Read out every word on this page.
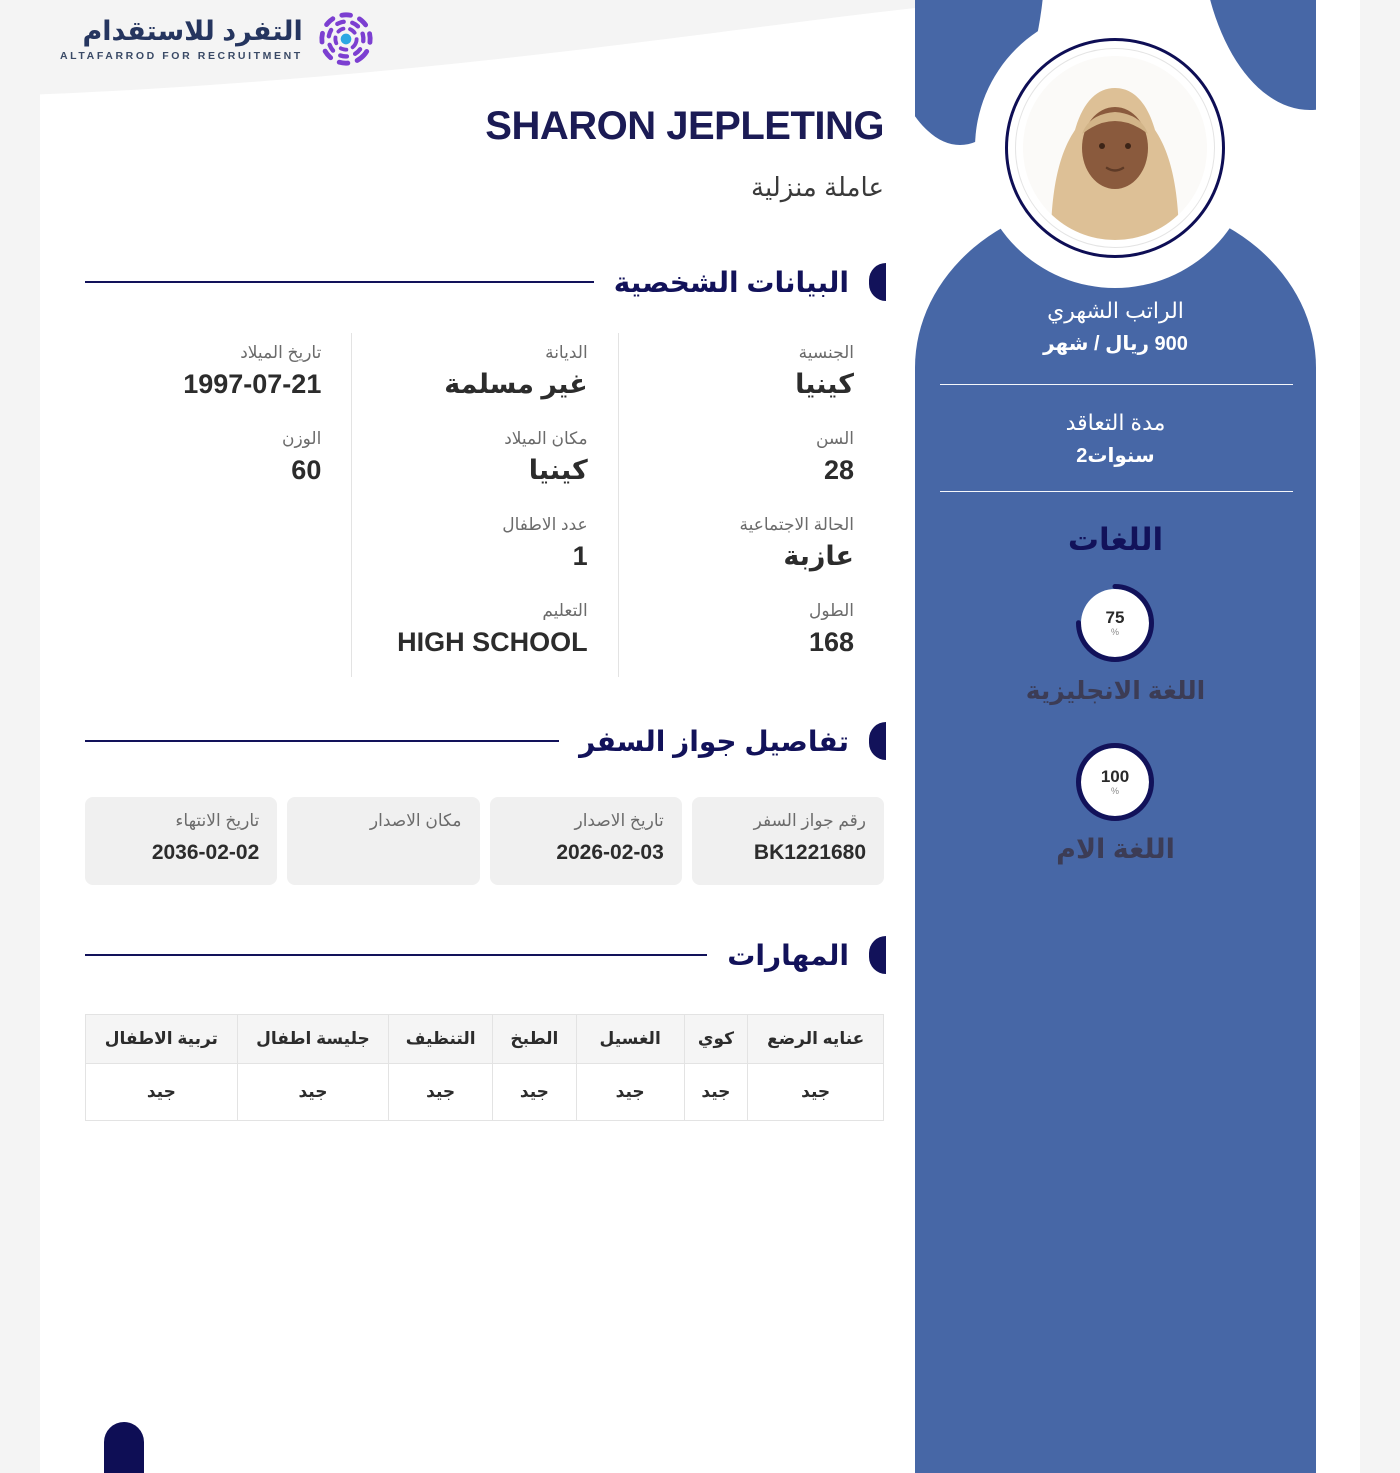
التفرد للاستقدام
ALTAFARROD FOR RECRUITMENT
SHARON JEPLETING
عاملة منزلية
البيانات الشخصية
الجنسية
كينيا
الديانة
غير مسلمة
تاريخ الميلاد
1997-07-21
السن
28
مكان الميلاد
كينيا
الوزن
60
الحالة الاجتماعية
عازبة
عدد الاطفال
1
الطول
168
التعليم
HIGH SCHOOL
تفاصيل جواز السفر
رقم جواز السفر
BK1221680
تاريخ الاصدار
2026-02-03
مكان الاصدار
تاريخ الانتهاء
2036-02-02
المهارات
عنايه الرضع	كوي	الغسيل	الطبخ	التنظيف	جليسة اطفال	تربية الاطفال
جيد	جيد	جيد	جيد	جيد	جيد	جيد
الراتب الشهري
900 ريال / شهر
مدة التعاقد
سنوات2
اللغات
75
%
اللغة الانجليزية
100
%
اللغة الام
